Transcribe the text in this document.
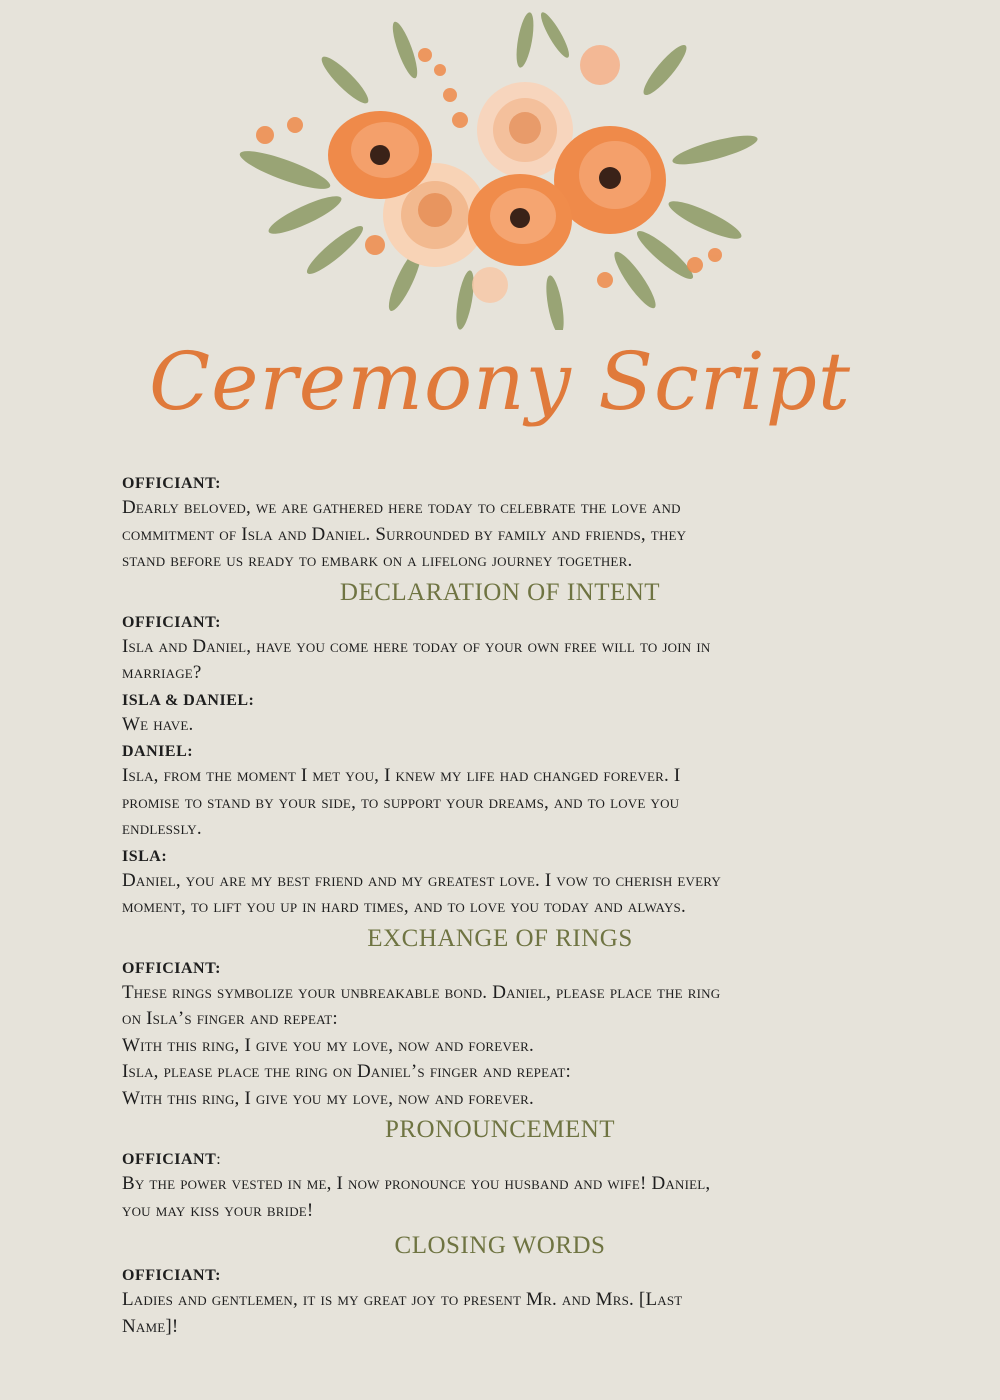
Ceremony Script
OFFICIANT:
Dearly beloved, we are gathered here today to celebrate the love and
commitment of Isla and Daniel. Surrounded by family and friends, they
stand before us ready to embark on a lifelong journey together.
DECLARATION OF INTENT
OFFICIANT:
Isla and Daniel, have you come here today of your own free will to join in
marriage?
ISLA & DANIEL:
We have.
DANIEL:
Isla, from the moment I met you, I knew my life had changed forever. I
promise to stand by your side, to support your dreams, and to love you
endlessly.
ISLA:
Daniel, you are my best friend and my greatest love. I vow to cherish every
moment, to lift you up in hard times, and to love you today and always.
EXCHANGE OF RINGS
OFFICIANT:
These rings symbolize your unbreakable bond. Daniel, please place the ring
on Isla’s finger and repeat:
With this ring, I give you my love, now and forever.
Isla, please place the ring on Daniel’s finger and repeat:
With this ring, I give you my love, now and forever.
PRONOUNCEMENT
OFFICIANT:
By the power vested in me, I now pronounce you husband and wife! Daniel,
you may kiss your bride!
CLOSING WORDS
OFFICIANT:
Ladies and gentlemen, it is my great joy to present Mr. and Mrs. [Last
Name]!
